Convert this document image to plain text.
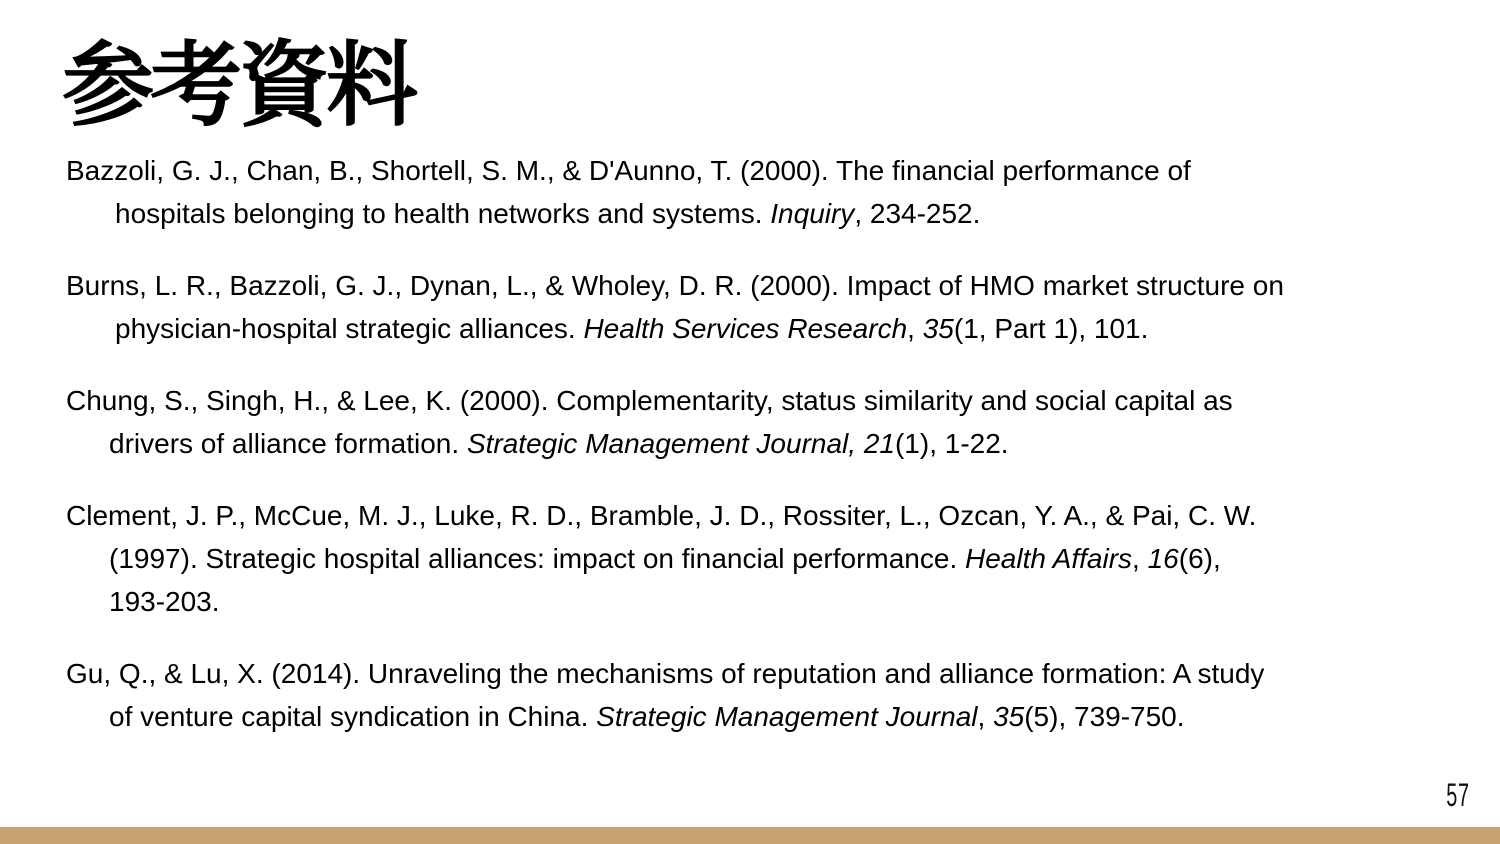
参考資料
Bazzoli, G. J., Chan, B., Shortell, S. M., & D'Aunno, T. (2000). The financial performance of
hospitals belonging to health networks and systems. Inquiry, 234-252.
Burns, L. R., Bazzoli, G. J., Dynan, L., & Wholey, D. R. (2000). Impact of HMO market structure on
physician-hospital strategic alliances. Health Services Research, 35(1, Part 1), 101.
Chung, S., Singh, H., & Lee, K. (2000). Complementarity, status similarity and social capital as
drivers of alliance formation. Strategic Management Journal, 21(1), 1-22.
Clement, J. P., McCue, M. J., Luke, R. D., Bramble, J. D., Rossiter, L., Ozcan, Y. A., & Pai, C. W.
(1997). Strategic hospital alliances: impact on financial performance. Health Affairs, 16(6),
193-203.
Gu, Q., & Lu, X. (2014). Unraveling the mechanisms of reputation and alliance formation: A study
of venture capital syndication in China. Strategic Management Journal, 35(5), 739-750.
57
